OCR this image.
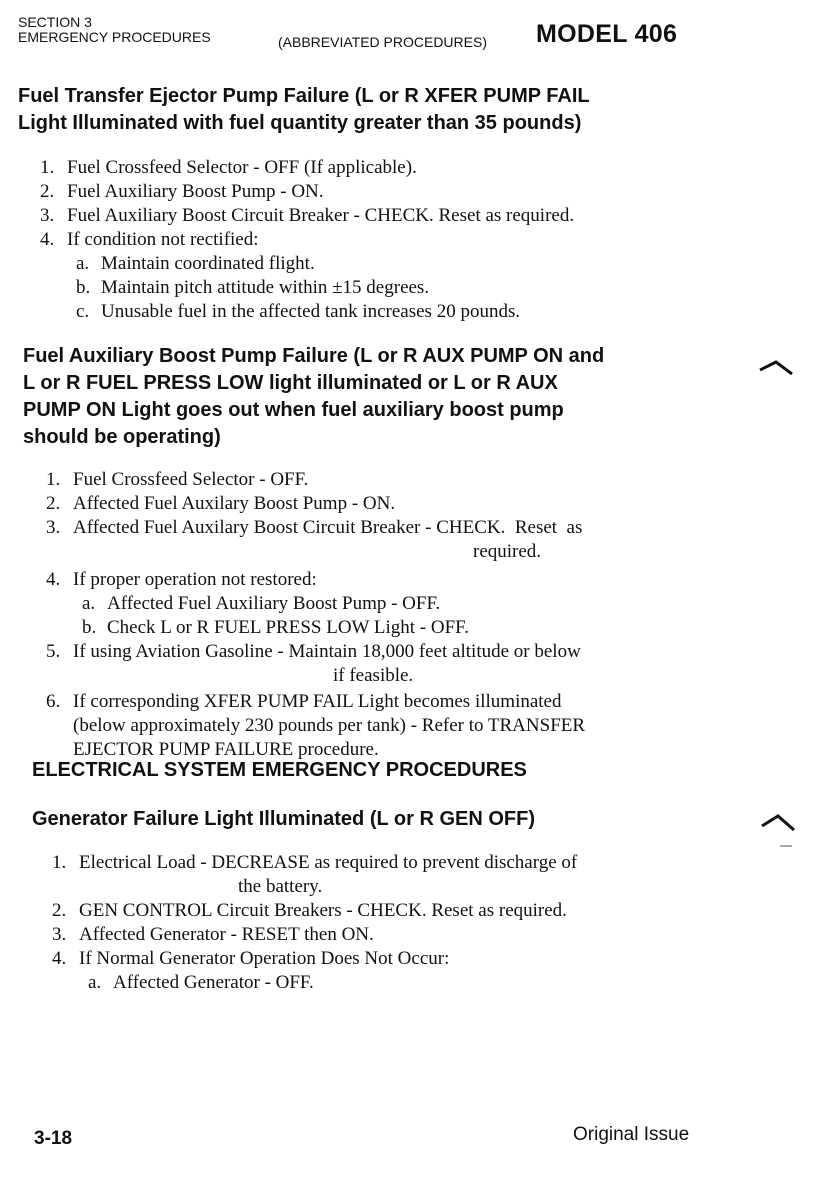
SECTION 3
EMERGENCY PROCEDURES	(ABBREVIATED PROCEDURES) MODEL 406
Fuel Transfer Ejector Pump Failure (L or R XFER PUMP FAIL
Light Illuminated with fuel quantity greater than 35 pounds)
1. Fuel Crossfeed Selector - OFF (If applicable).
2. Fuel Auxiliary Boost Pump - ON.
3. Fuel Auxiliary Boost Circuit Breaker - CHECK. Reset as required.
4. If condition not rectified:
a. Maintain coordinated flight.
b. Maintain pitch attitude within ±15 degrees.
c. Unusable fuel in the affected tank increases 20 pounds.
Fuel Auxiliary Boost Pump Failure (L or R AUX PUMP ON and
L or R FUEL PRESS LOW light illuminated or L or R AUX
PUMP ON Light goes out when fuel auxiliary boost pump
should be operating)
1. Fuel Crossfeed Selector - OFF.
2. Affected Fuel Auxilary Boost Pump - ON.
3. Affected Fuel Auxilary Boost Circuit Breaker - CHECK.  Reset  as
required.
4. If proper operation not restored:
a. Affected Fuel Auxiliary Boost Pump - OFF.
b. Check L or R FUEL PRESS LOW Light - OFF.
5. If using Aviation Gasoline - Maintain 18,000 feet altitude or below
if feasible.
6. If corresponding XFER PUMP FAIL Light becomes illuminated
(below approximately 230 pounds per tank) - Refer to TRANSFER
EJECTOR PUMP FAILURE procedure.
ELECTRICAL SYSTEM EMERGENCY PROCEDURES
Generator Failure Light Illuminated (L or R GEN OFF)
1. Electrical Load - DECREASE as required to prevent discharge of
the battery.
2. GEN CONTROL Circuit Breakers - CHECK. Reset as required.
3. Affected Generator - RESET then ON.
4. If Normal Generator Operation Does Not Occur:
a. Affected Generator - OFF.
3-18	Original Issue
